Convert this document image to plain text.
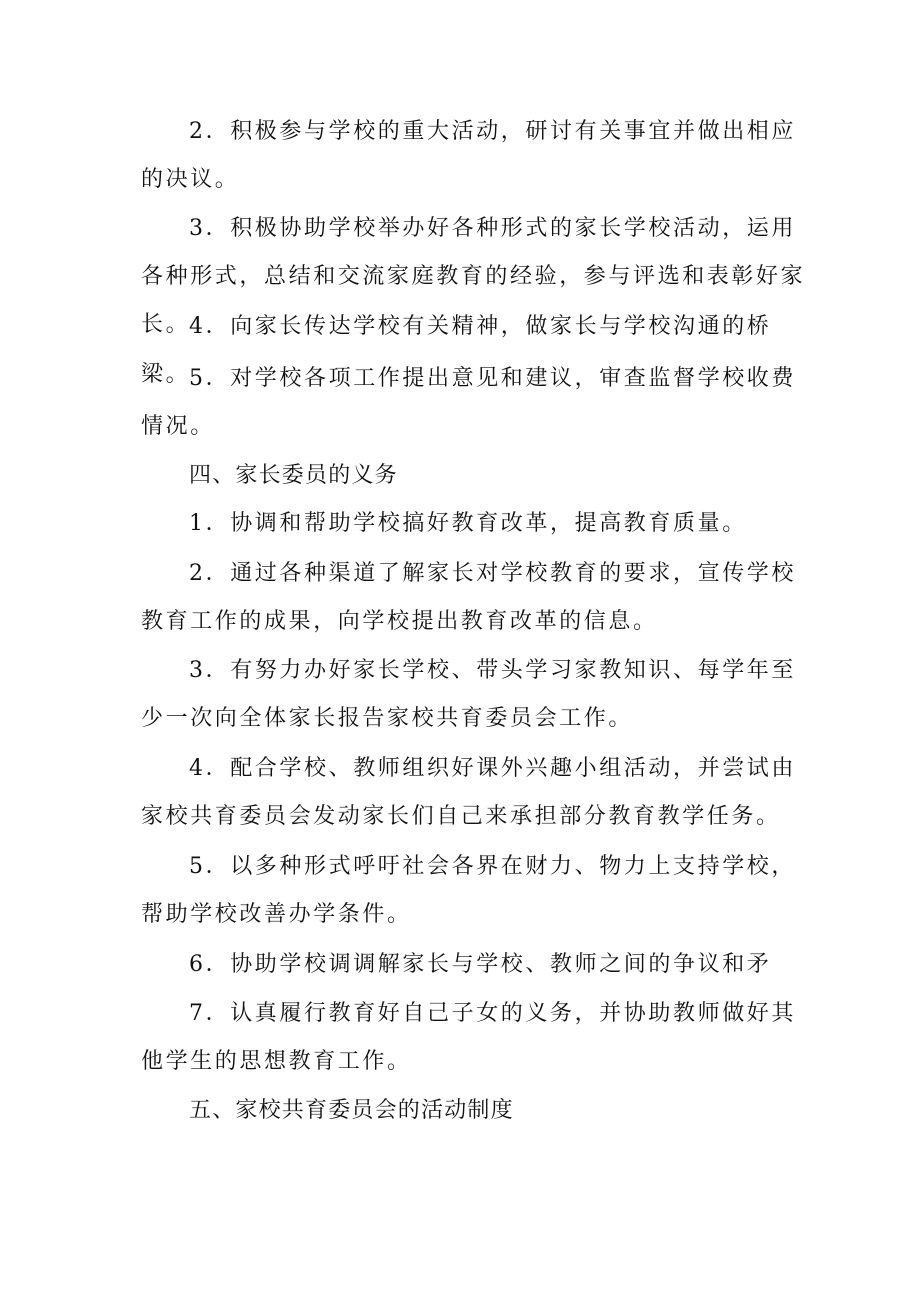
2．积极参与学校的重大活动，研讨有关事宜并做出相应的决议。

3．积极协助学校举办好各种形式的家长学校活动，运用各种形式，总结和交流家庭教育的经验，参与评选和表彰好家长。

4．向家长传达学校有关精神，做家长与学校沟通的桥梁。

5．对学校各项工作提出意见和建议，审查监督学校收费情况。

四、家长委员的义务

1．协调和帮助学校搞好教育改革，提高教育质量。

2．通过各种渠道了解家长对学校教育的要求，宣传学校教育工作的成果，向学校提出教育改革的信息。

3．有努力办好家长学校、带头学习家教知识、每学年至少一次向全体家长报告家校共育委员会工作。

4．配合学校、教师组织好课外兴趣小组活动，并尝试由家校共育委员会发动家长们自己来承担部分教育教学任务。

5．以多种形式呼吁社会各界在财力、物力上支持学校，帮助学校改善办学条件。

6．协助学校调调解家长与学校、教师之间的争议和矛

7．认真履行教育好自己子女的义务，并协助教师做好其他学生的思想教育工作。

五、家校共育委员会的活动制度
